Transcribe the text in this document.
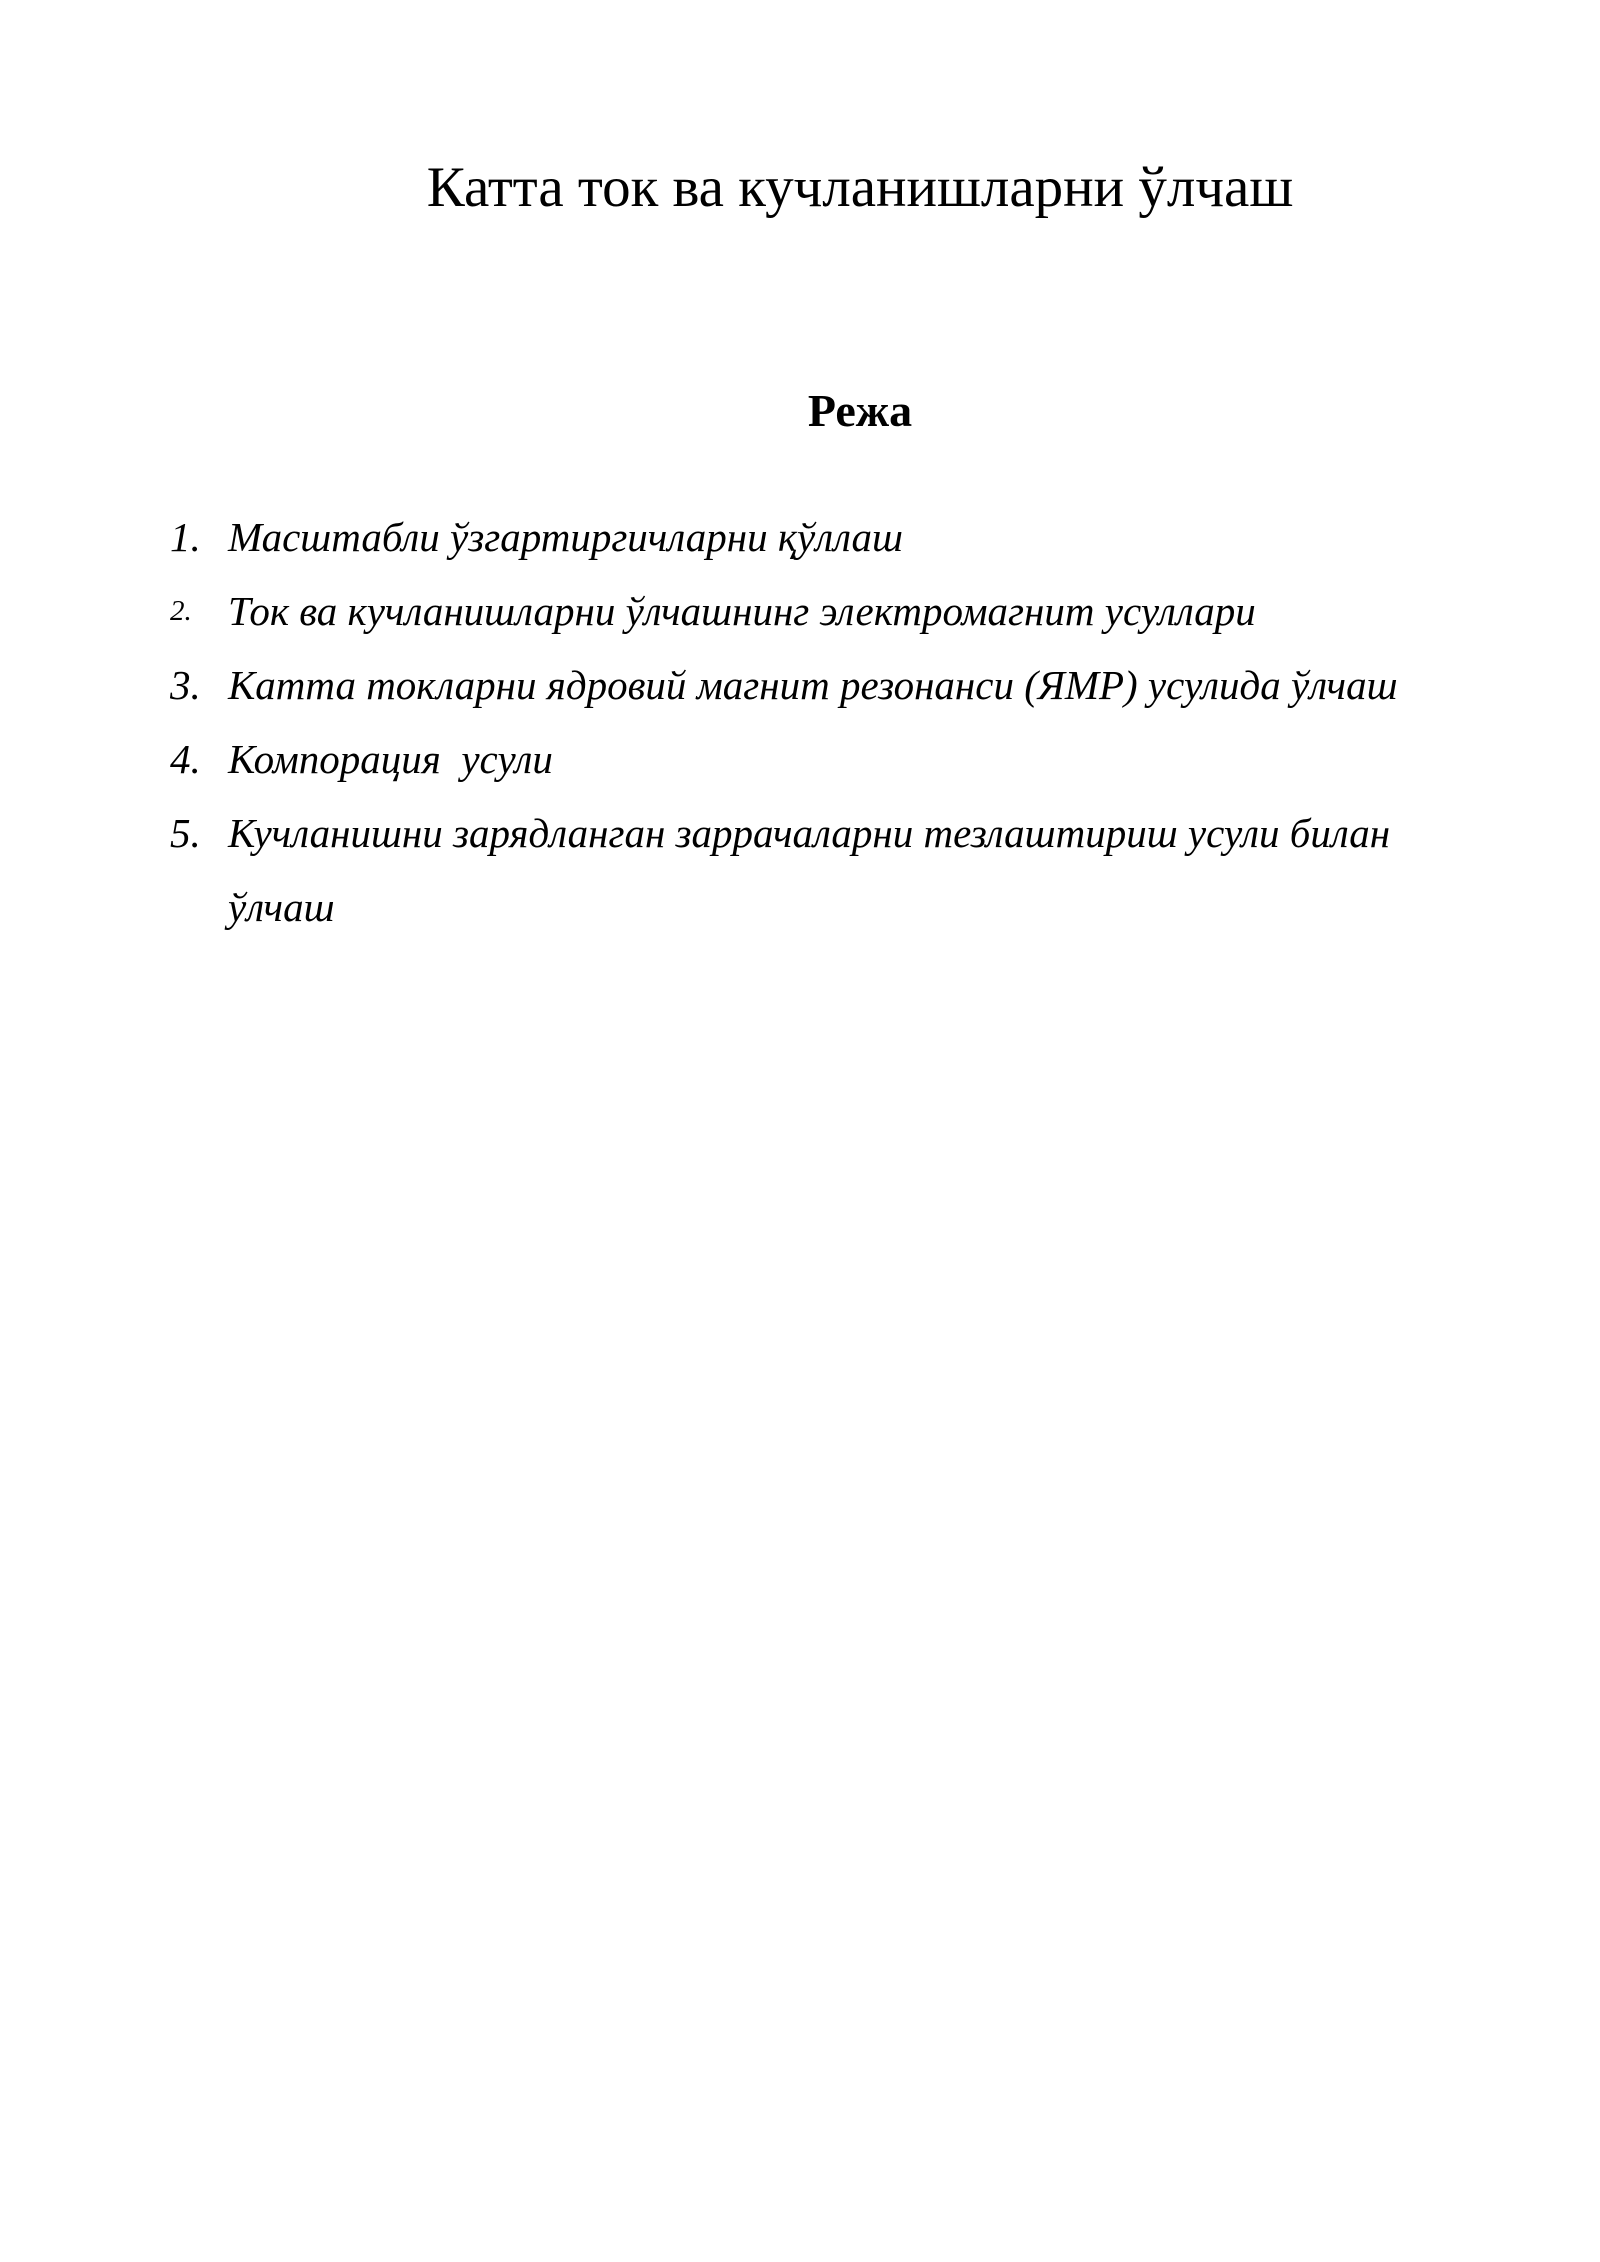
Катта ток ва кучланишларни ўлчаш
Режа
1. Масштабли ўзгартиргичларни қўллаш
2. Ток ва кучланишларни ўлчашнинг электромагнит усуллари
3. Катта токларни ядровий магнит резонанси (ЯМР) усулида ўлчаш
4. Компорация  усули
5. Кучланишни зарядланган заррачаларни тезлаштириш усули билан ўлчаш
